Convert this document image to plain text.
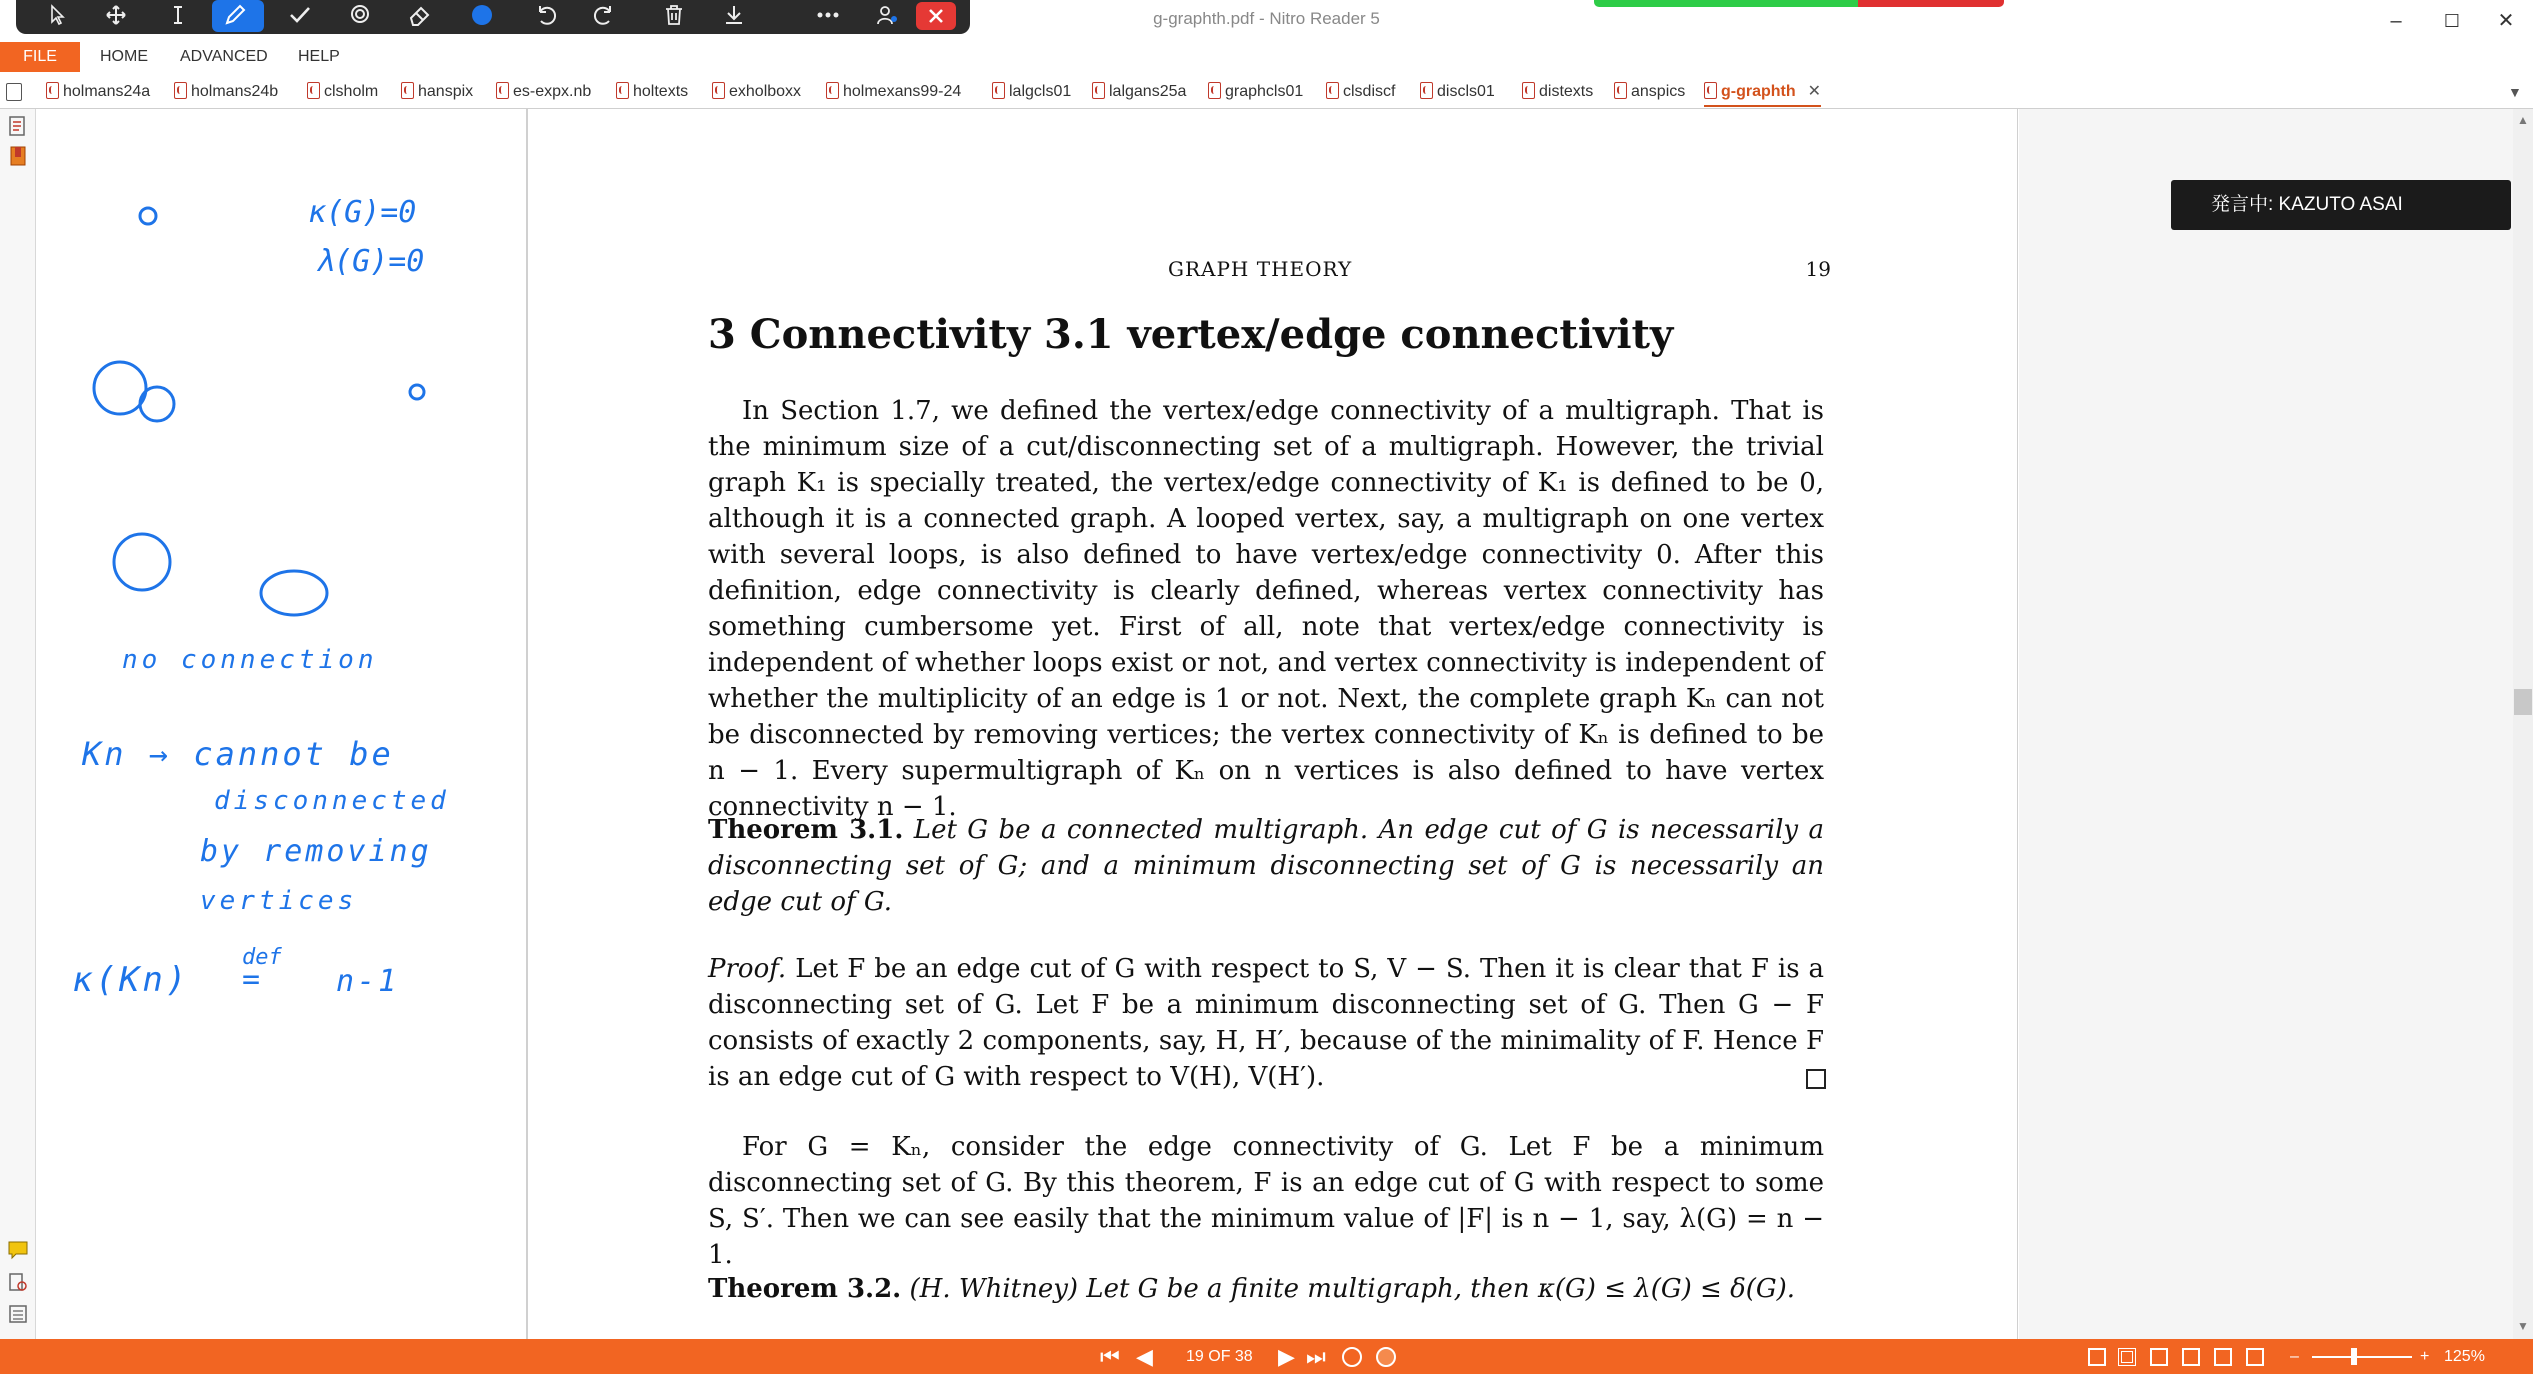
g-graphth.pdf - Nitro Reader 5	–	☐	✕
FILE	HOME ADVANCED HELP
holmans24a	holmans24b	clsholm	hanspix	es-expx.nb	holtexts	exholboxx	holmexans99-24	lalgcls01	lalgans25a	graphcls01	clsdiscf	discls01	distexts	anspics	g-graphth ✕	▼
κ(G)=0
λ(G)=0
no connection
Kn → cannot be
disconnected
by removing
vertices
κ(Kn)
def
=	n-1
GRAPH THEORY	19
3 Connectivity 3.1 vertex/edge connectivity
In Section 1.7, we defined the vertex/edge connectivity of a multigraph. That is the minimum size of a cut/disconnecting set of a multigraph. However, the trivial graph K₁ is specially treated, the vertex/edge connectivity of K₁ is defined to be 0, although it is a connected graph. A looped vertex, say, a multigraph on one vertex with several loops, is also defined to have vertex/edge connectivity 0. After this definition, edge connectivity is clearly defined, whereas vertex connectivity has something cumbersome yet. First of all, note that vertex/edge connectivity is independent of whether loops exist or not, and vertex connectivity is independent of whether the multiplicity of an edge is 1 or not. Next, the complete graph Kₙ can not be disconnected by removing vertices; the vertex connectivity of Kₙ is defined to be n − 1. Every supermultigraph of Kₙ on n vertices is also defined to have vertex connectivity n − 1.
Theorem 3.1. Let G be a connected multigraph. An edge cut of G is necessarily a disconnecting set of G; and a minimum disconnecting set of G is necessarily an edge cut of G.
Proof. Let F be an edge cut of G with respect to S, V − S. Then it is clear that F is a disconnecting set of G. Let F be a minimum disconnecting set of G. Then G − F consists of exactly 2 components, say, H, H′, because of the minimality of F. Hence F is an edge cut of G with respect to V(H), V(H′).
For G = Kₙ, consider the edge connectivity of G. Let F be a minimum disconnecting set of G. By this theorem, F is an edge cut of G with respect to some S, S′. Then we can see easily that the minimum value of |F| is n − 1, say, λ(G) = n − 1.
Theorem 3.2. (H. Whitney) Let G be a finite multigraph, then κ(G) ≤ λ(G) ≤ δ(G).
発言中: KAZUTO ASAI
▲
▼
⏮ ◀ 19 OF 38 ▶ ⏭	–	+ 125%
